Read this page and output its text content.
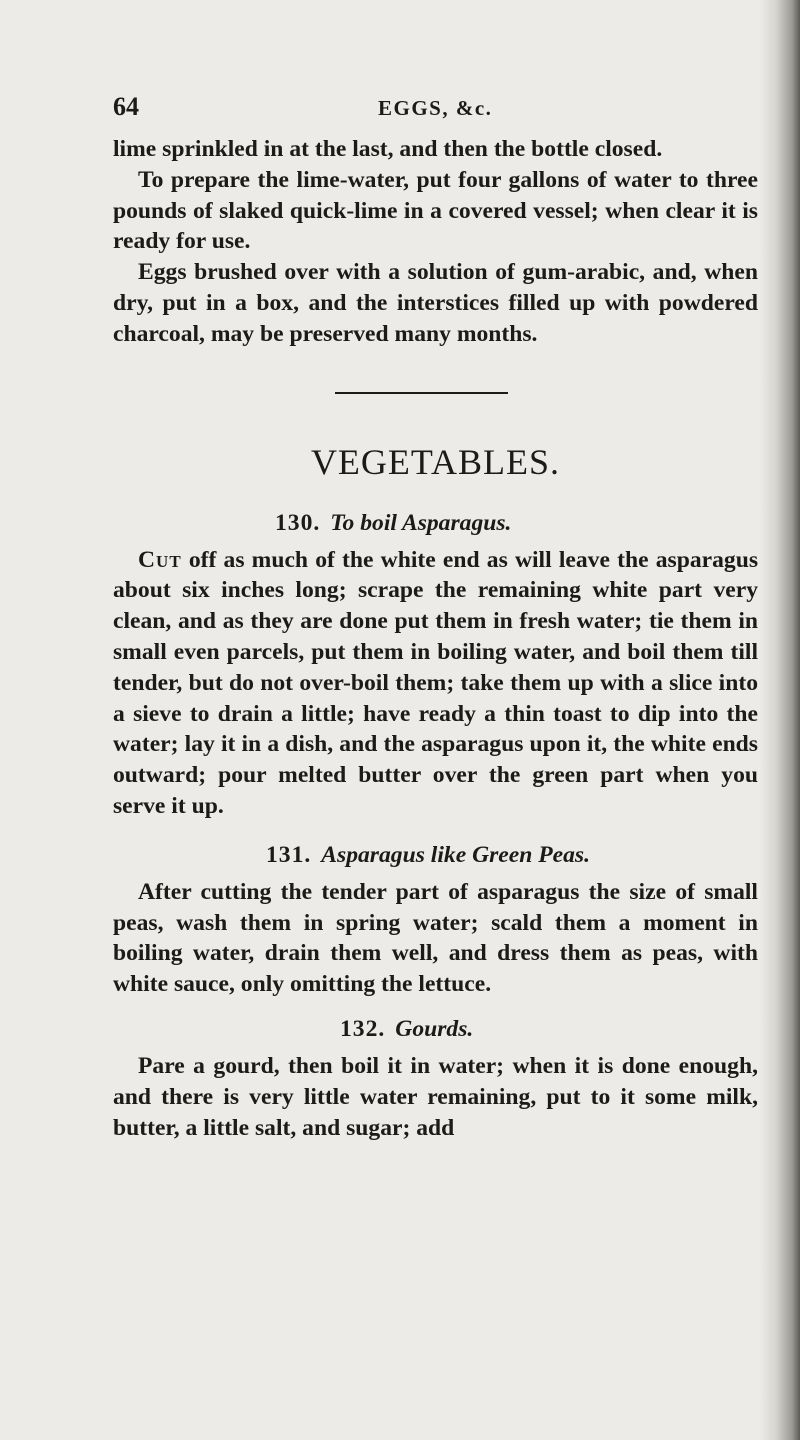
64	EGGS, &c.

lime sprinkled in at the last, and then the bottle closed.

To prepare the lime-water, put four gallons of water to three pounds of slaked quick-lime in a covered vessel; when clear it is ready for use.

Eggs brushed over with a solution of gum-arabic, and, when dry, put in a box, and the interstices filled up with powdered charcoal, may be preserved many months.

VEGETABLES.
130. To boil Asparagus.

Cut off as much of the white end as will leave the asparagus about six inches long; scrape the remaining white part very clean, and as they are done put them in fresh water; tie them in small even parcels, put them in boiling water, and boil them till tender, but do not over-boil them; take them up with a slice into a sieve to drain a little; have ready a thin toast to dip into the water; lay it in a dish, and the asparagus upon it, the white ends outward; pour melted butter over the green part when you serve it up.

131. Asparagus like Green Peas.

After cutting the tender part of asparagus the size of small peas, wash them in spring water; scald them a moment in boiling water, drain them well, and dress them as peas, with white sauce, only omitting the lettuce.

132. Gourds.

Pare a gourd, then boil it in water; when it is done enough, and there is very little water remaining, put to it some milk, butter, a little salt, and sugar; add
